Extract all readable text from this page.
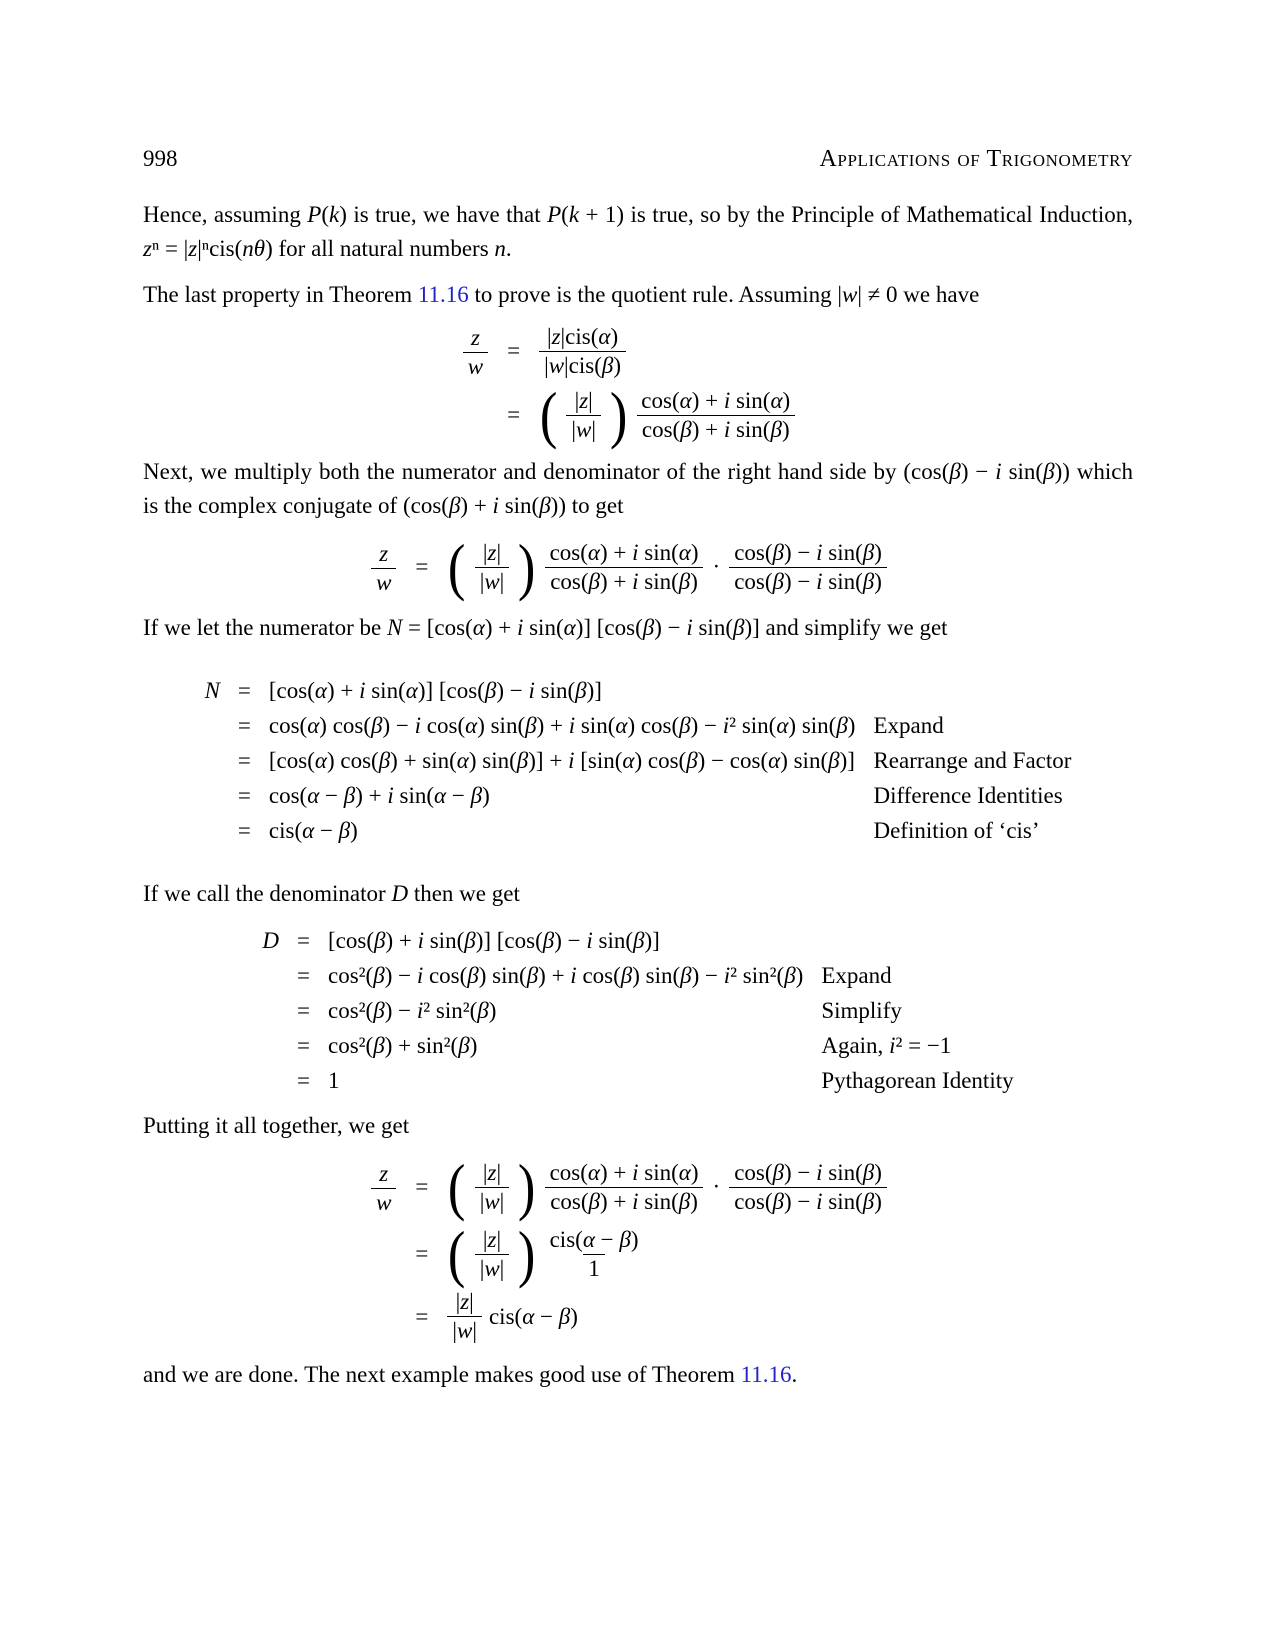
998	Applications of Trigonometry

Hence, assuming P(k) is true, we have that P(k + 1) is true, so by the Principle of Mathematical Induction, zⁿ = |z|ⁿcis(nθ) for all natural numbers n.

The last property in Theorem 11.16 to prove is the quotient rule. Assuming |w| ≠ 0 we have

$\frac{z}{w} = \frac{\text{|z|cis(α)}}{\text{|w|cis(β)}}$
= ( $\frac{|z|}{|w|}$ ) $\frac{\text{cos(α) + i sin(α)}}{\text{cos(β) + i sin(β)}}$

Next, we multiply both the numerator and denominator of the right hand side by (cos(β) − i sin(β)) which is the complex conjugate of (cos(β) + i sin(β)) to get

$\frac{z}{w}$ = ( $\frac{|z|}{|w|}$ ) $\frac{\text{cos(α) + i sin(α)}}{\text{cos(β) + i sin(β)}} \cdot \frac{\text{cos(β) − i sin(β)}}{\text{cos(β) − i sin(β)}}$

If we let the numerator be N = [cos(α) + i sin(α)] [cos(β) − i sin(β)] and simplify we get

N = [cos(α) + i sin(α)] [cos(β) − i sin(β)]
= cos(α) cos(β) − i cos(α) sin(β) + i sin(α) cos(β) − i² sin(α) sin(β) Expand
= [cos(α) cos(β) + sin(α) sin(β)] + i [sin(α) cos(β) − cos(α) sin(β)] Rearrange and Factor
= cos(α − β) + i sin(α − β)	Difference Identities
= cis(α − β)	Definition of ‘cis’

If we call the denominator D then we get

D = [cos(β) + i sin(β)] [cos(β) − i sin(β)]
= cos²(β) − i cos(β) sin(β) + i cos(β) sin(β) − i² sin²(β) Expand
= cos²(β) − i² sin²(β)	Simplify
= cos²(β) + sin²(β)	Again, i² = −1
= 1	Pythagorean Identity

Putting it all together, we get

$\frac{z}{w}$ = ( $\frac{|z|}{|w|}$ ) $\frac{\text{cos(α) + i sin(α)}}{\text{cos(β) + i sin(β)}} \cdot \frac{\text{cos(β) − i sin(β)}}{\text{cos(β) − i sin(β)}}$
= ( $\frac{|z|}{|w|}$ ) $\frac{\text{cis(α − β)}}{1}$
= $\frac{|z|}{|w|} cis(\alpha - \beta)$

and we are done. The next example makes good use of Theorem 11.16.
